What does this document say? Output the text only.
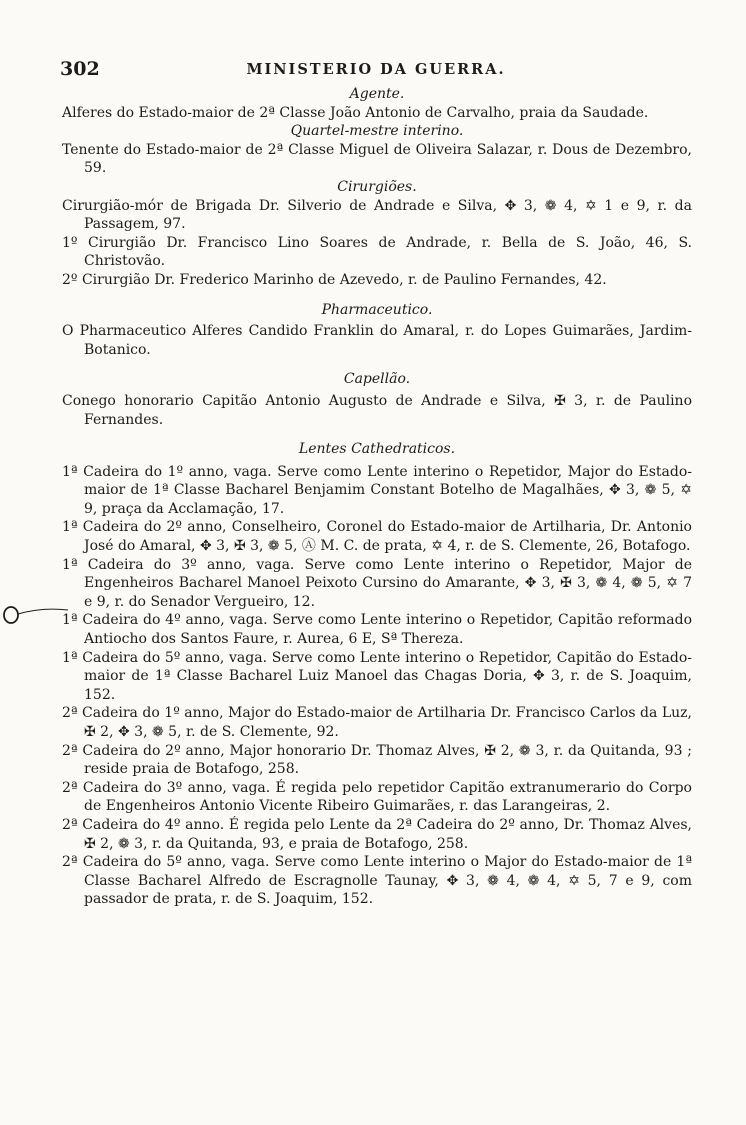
302	MINISTERIO DA GUERRA.

Agente.

Alferes do Estado-maior de 2ª Classe João Antonio de Carvalho, praia da Saudade.

Quartel-mestre interino.

Tenente do Estado-maior de 2ª Classe Miguel de Oliveira Salazar, r. Dous de Dezembro, 59.

Cirurgiões.

Cirurgião-mór de Brigada Dr. Silverio de Andrade e Silva, ✥ 3, ❁ 4, ✡ 1 e 9, r. da Passagem, 97.

1º Cirurgião Dr. Francisco Lino Soares de Andrade, r. Bella de S. João, 46, S. Christovão.

2º Cirurgião Dr. Frederico Marinho de Azevedo, r. de Paulino Fernandes, 42.

Pharmaceutico.

O Pharmaceutico Alferes Candido Franklin do Amaral, r. do Lopes Guimarães, Jardim-Botanico.

Capellão.

Conego honorario Capitão Antonio Augusto de Andrade e Silva, ✠ 3, r. de Paulino Fernandes.

Lentes Cathedraticos.

1ª Cadeira do 1º anno, vaga. Serve como Lente interino o Repetidor, Major do Estado-maior de 1ª Classe Bacharel Benjamim Constant Botelho de Magalhães, ✥ 3, ❁ 5, ✡ 9, praça da Acclamação, 17.

1ª Cadeira do 2º anno, Conselheiro, Coronel do Estado-maior de Artilharia, Dr. Antonio José do Amaral, ✥ 3, ✠ 3, ❁ 5, Ⓐ M. C. de prata, ✡ 4, r. de S. Clemente, 26, Botafogo.

1ª Cadeira do 3º anno, vaga. Serve como Lente interino o Repetidor, Major de Engenheiros Bacharel Manoel Peixoto Cursino do Amarante, ✥ 3, ✠ 3, ❁ 4, ❁ 5, ✡ 7 e 9, r. do Senador Vergueiro, 12.

1ª Cadeira do 4º anno, vaga. Serve como Lente interino o Repetidor, Capitão reformado Antiocho dos Santos Faure, r. Aurea, 6 E, Sª Thereza.

1ª Cadeira do 5º anno, vaga. Serve como Lente interino o Repetidor, Capitão do Estado-maior de 1ª Classe Bacharel Luiz Manoel das Chagas Doria, ✥ 3, r. de S. Joaquim, 152.

2ª Cadeira do 1º anno, Major do Estado-maior de Artilharia Dr. Francisco Carlos da Luz, ✠ 2, ✥ 3, ❁ 5, r. de S. Clemente, 92.

2ª Cadeira do 2º anno, Major honorario Dr. Thomaz Alves, ✠ 2, ❁ 3, r. da Quitanda, 93 ; reside praia de Botafogo, 258.

2ª Cadeira do 3º anno, vaga. É regida pelo repetidor Capitão extranumerario do Corpo de Engenheiros Antonio Vicente Ribeiro Guimarães, r. das Larangeiras, 2.

2ª Cadeira do 4º anno. É regida pelo Lente da 2ª Cadeira do 2º anno, Dr. Thomaz Alves, ✠ 2, ❁ 3, r. da Quitanda, 93, e praia de Botafogo, 258.

2ª Cadeira do 5º anno, vaga. Serve como Lente interino o Major do Estado-maior de 1ª Classe Bacharel Alfredo de Escragnolle Taunay, ✥ 3, ❁ 4, ❁ 4, ✡ 5, 7 e 9, com passador de prata, r. de S. Joaquim, 152.
